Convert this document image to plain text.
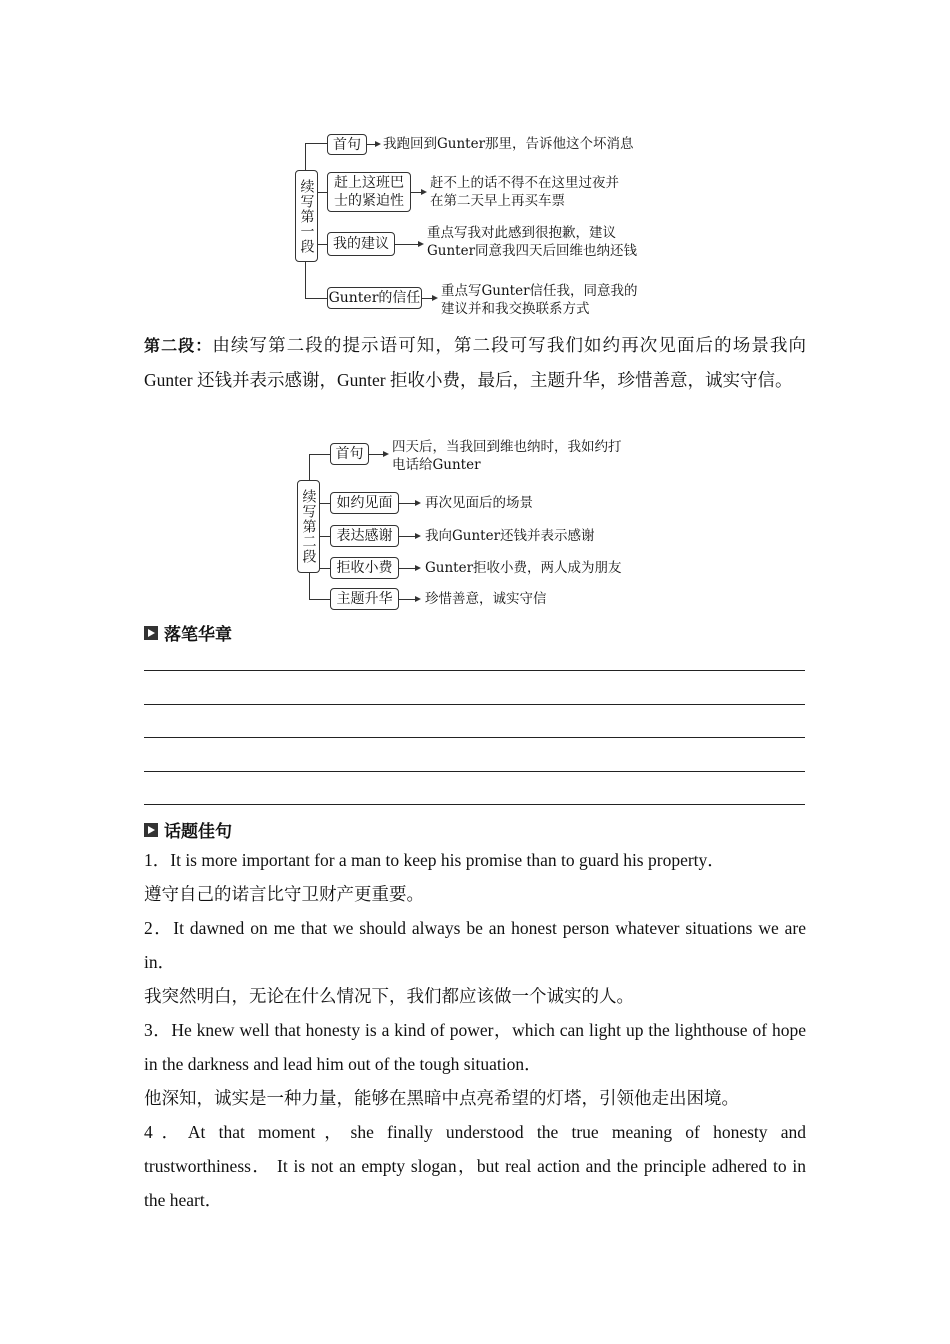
续写第一段
首句
赶上这班巴
士的紧迫性
我的建议
Gunter的信任
我跑回到Gunter那里，告诉他这个坏消息
赶不上的话不得不在这里过夜并
在第二天早上再买车票
重点写我对此感到很抱歉，建议
Gunter同意我四天后回维也纳还钱
重点写Gunter信任我，同意我的
建议并和我交换联系方式
第二段：由续写第二段的提示语可知，第二段可写我们如约再次见面后的场景我向 Gunter 还钱并表示感谢，Gunter 拒收小费，最后，主题升华，珍惜善意，诚实守信。
续写第二段
首句
如约见面
表达感谢
拒收小费
主题升华
四天后，当我回到维也纳时，我如约打
电话给Gunter
再次见面后的场景
我向Gunter还钱并表示感谢
Gunter拒收小费，两人成为朋友
珍惜善意，诚实守信
落笔华章
话题佳句
1．It is more important for a man to keep his promise than to guard his property．
遵守自己的诺言比守卫财产更重要。
2．It dawned on me that we should always be an honest person whatever situations we are in．
我突然明白，无论在什么情况下，我们都应该做一个诚实的人。
3．He knew well that honesty is a kind of power，which can light up the lighthouse of hope in the darkness and lead him out of the tough situation．
他深知，诚实是一种力量，能够在黑暗中点亮希望的灯塔，引领他走出困境。
4．At that moment，she finally understood the true meaning of honesty and trustworthiness． It is not an empty slogan，but real action and the principle adhered to in the heart．
